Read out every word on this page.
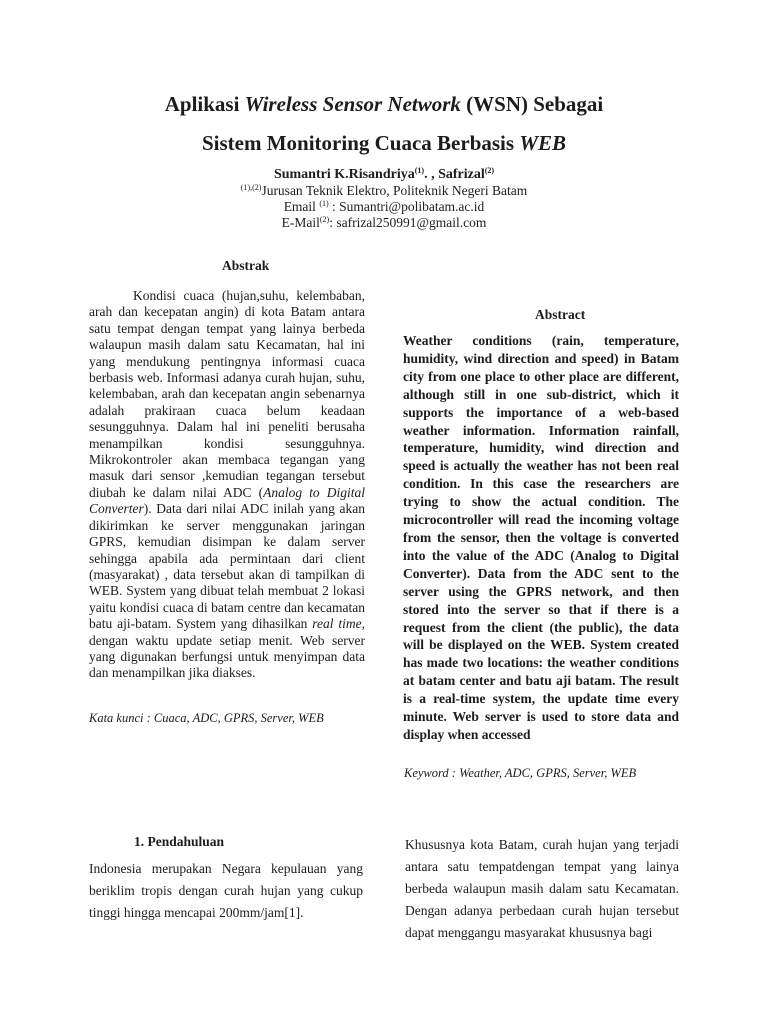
Aplikasi Wireless Sensor Network (WSN) Sebagai
Sistem Monitoring Cuaca Berbasis WEB
Sumantri K.Risandriya$^{(1)}$. , Safrizal$^{(2)}$
$^{(1),(2)}$Jurusan Teknik Elektro, Politeknik Negeri Batam
Email $^{(1)}$ : Sumantri@polibatam.ac.id
E-Mail$^{(2)}$: safrizal250991@gmail.com
Abstrak

Kondisi cuaca (hujan,suhu, kelembaban, arah dan kecepatan angin) di kota Batam antara satu tempat dengan tempat yang lainya berbeda walaupun masih dalam satu Kecamatan, hal ini yang mendukung pentingnya informasi cuaca berbasis web. Informasi adanya curah hujan, suhu, kelembaban, arah dan kecepatan angin sebenarnya adalah prakiraan cuaca belum keadaan sesungguhnya. Dalam hal ini peneliti berusaha menampilkan kondisi sesungguhnya. Mikrokontroler akan membaca tegangan yang masuk dari sensor ,kemudian tegangan tersebut diubah ke dalam nilai ADC (Analog to Digital Converter). Data dari nilai ADC inilah yang akan dikirimkan ke server menggunakan jaringan GPRS, kemudian disimpan ke dalam server sehingga apabila ada permintaan dari client (masyarakat) , data tersebut akan di tampilkan di WEB. System yang dibuat telah membuat 2 lokasi yaitu kondisi cuaca di batam centre dan kecamatan batu aji-batam. System yang dihasilkan real time, dengan waktu update setiap menit. Web server yang digunakan berfungsi untuk menyimpan data dan menampilkan jika diakses.

Kata kunci : Cuaca, ADC, GPRS, Server, WEB
Abstract

Weather conditions (rain, temperature, humidity, wind direction and speed) in Batam city from one place to other place are different, although still in one sub-district, which it supports the importance of a web-based weather information. Information rainfall, temperature, humidity, wind direction and speed is actually the weather has not been real condition. In this case the researchers are trying to show the actual condition. The microcontroller will read the incoming voltage from the sensor, then the voltage is converted into the value of the ADC (Analog to Digital Converter). Data from the ADC sent to the server using the GPRS network, and then stored into the server so that if there is a request from the client (the public), the data will be displayed on the WEB. System created has made two locations: the weather conditions at batam center and batu aji batam. The result is a real-time system, the update time every minute. Web server is used to store data and display when accessed

Keyword : Weather, ADC, GPRS, Server, WEB
1. Pendahuluan

Indonesia merupakan Negara kepulauan yang beriklim tropis dengan curah hujan yang cukup tinggi hingga mencapai 200mm/jam[1].

Khususnya kota Batam, curah hujan yang terjadi antara satu tempatdengan tempat yang lainya berbeda walaupun masih dalam satu Kecamatan. Dengan adanya perbedaan curah hujan tersebut dapat menggangu masyarakat khususnya bagi
